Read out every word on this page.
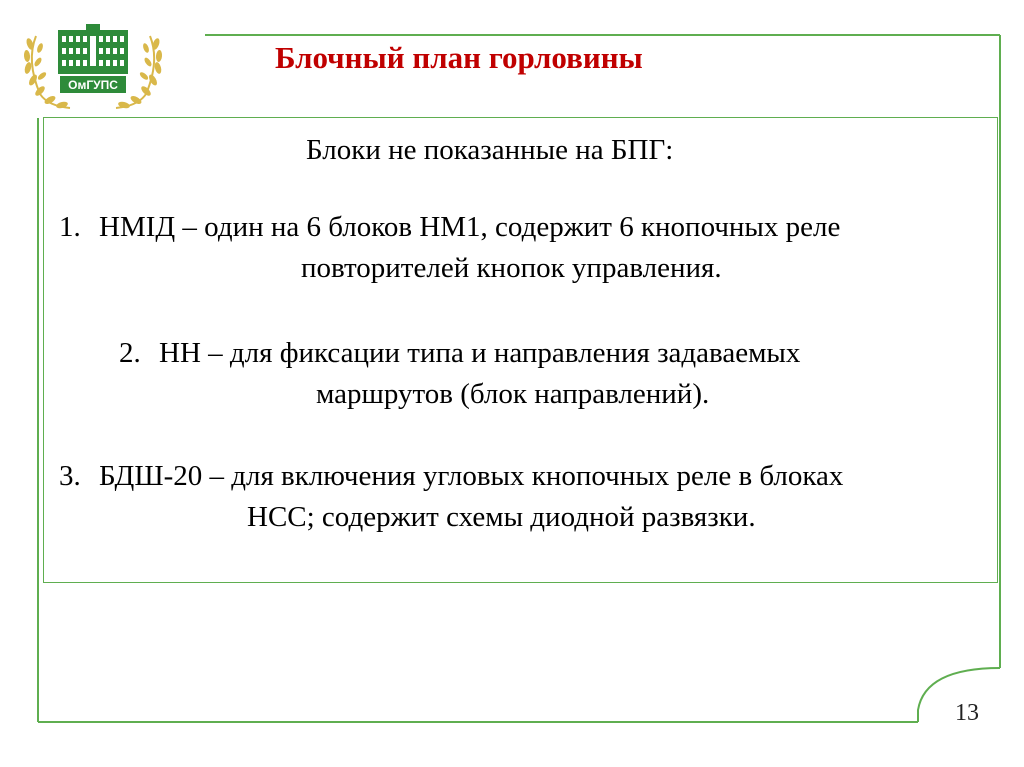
ОмГУПС
Блочный план горловины
Блоки не показанные на БПГ:
1. НМІД – один на 6 блоков НМ1, содержит 6 кнопочных реле
повторителей кнопок управления.
2. НН – для фиксации типа и направления задаваемых
маршрутов (блок направлений).
3. БДШ-20 – для включения угловых кнопочных реле в блоках
НСС; содержит схемы диодной развязки.
13
